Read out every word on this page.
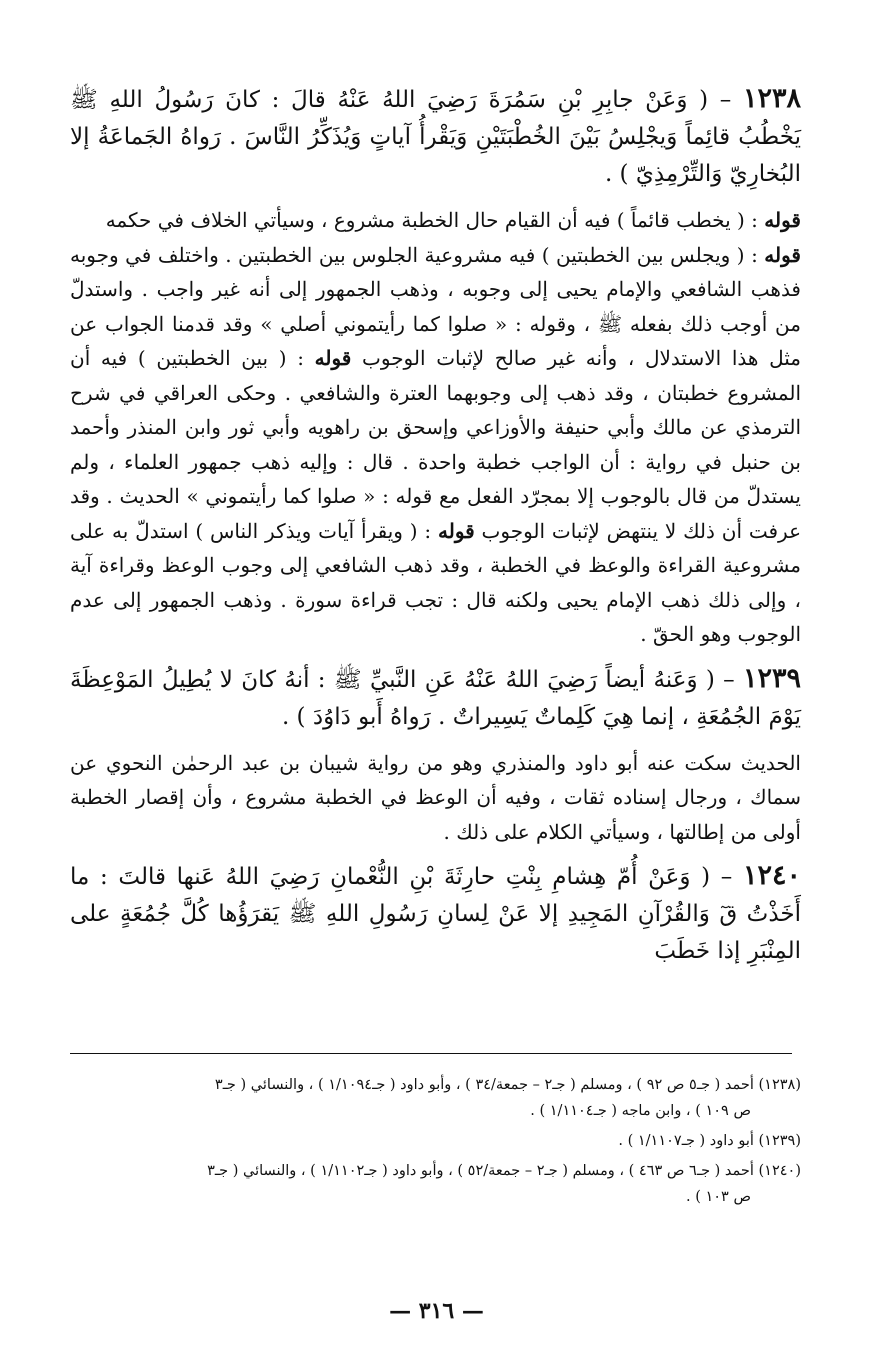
١٢٣٨ – ( وَعَنْ جابِرِ بْنِ سَمُرَةَ رَضِيَ اللهُ عَنْهُ قالَ : كانَ رَسُولُ اللهِ ﷺ يَخْطُبُ قائِماً وَيجْلِسُ بَيْنَ الخُطْبَتَيْنِ وَيَقْرأُ آياتٍ وَيُذَكِّرُ النَّاسَ . رَواهُ الجَماعَةُ إلا البُخارِيّ وَالتِّرْمِذِيّ ) .

قوله : ( يخطب قائماً ) فيه أن القيام حال الخطبة مشروع ، وسيأتي الخلاف في حكمه
قوله : ( ويجلس بين الخطبتين ) فيه مشروعية الجلوس بين الخطبتين . واختلف في وجوبه فذهب الشافعي والإمام يحيى إلى وجوبه ، وذهب الجمهور إلى أنه غير واجب . واستدلّ من أوجب ذلك بفعله ﷺ ، وقوله : « صلوا كما رأيتموني أصلي » وقد قدمنا الجواب عن مثل هذا الاستدلال ، وأنه غير صالح لإثبات الوجوب قوله : ( بين الخطبتين ) فيه أن المشروع خطبتان ، وقد ذهب إلى وجوبهما العترة والشافعي . وحكى العراقي في شرح الترمذي عن مالك وأبي حنيفة والأوزاعي وإسحق بن راهويه وأبي ثور وابن المنذر وأحمد بن حنبل في رواية : أن الواجب خطبة واحدة . قال : وإليه ذهب جمهور العلماء ، ولم يستدلّ من قال بالوجوب إلا بمجرّد الفعل مع قوله : « صلوا كما رأيتموني » الحديث . وقد عرفت أن ذلك لا ينتهض لإثبات الوجوب قوله : ( ويقرأ آيات ويذكر الناس ) استدلّ به على مشروعية القراءة والوعظ في الخطبة ، وقد ذهب الشافعي إلى وجوب الوعظ وقراءة آية ، وإلى ذلك ذهب الإمام يحيى ولكنه قال : تجب قراءة سورة . وذهب الجمهور إلى عدم الوجوب وهو الحقّ .

١٢٣٩ – ( وَعَنهُ أيضاً رَضِيَ اللهُ عَنْهُ عَنِ النَّبيِّ ﷺ : أنهُ كانَ لا يُطِيلُ المَوْعِظَةَ يَوْمَ الجُمُعَةِ ، إنما هِيَ كَلِماتٌ يَسِيراتٌ . رَواهُ أَبو دَاوُدَ ) .

الحديث سكت عنه أبو داود والمنذري وهو من رواية شيبان بن عبد الرحمٰن النحوي عن سماك ، ورجال إسناده ثقات ، وفيه أن الوعظ في الخطبة مشروع ، وأن إقصار الخطبة أولى من إطالتها ، وسيأتي الكلام على ذلك .

١٢٤٠ – ( وَعَنْ أُمّ هِشامِ بِنْتِ حارِثَةَ بْنِ النُّعْمانِ رَضِيَ اللهُ عَنها قالتَ : ما أَخَذْتُ قٓ وَالقُرْآنِ المَجِيدِ إلا عَنْ لِسانِ رَسُولِ اللهِ ﷺ يَقرَؤُها كُلَّ جُمُعَةٍ على المِنْبَرِ إذا خَطَبَ

(١٢٣٨) أحمد ( جـ٥ ص ٩٢ ) ، ومسلم ( جـ٢ – جمعة/٣٤ ) ، وأبو داود ( جـ١/١٠٩٤ ) ، والنسائي ( جـ٣
ص ١٠٩ ) ، وابن ماجه ( جـ١/١١٠٤ ) .

(١٢٣٩) أبو داود ( جـ١/١١٠٧ ) .

(١٢٤٠) أحمد ( جـ٦ ص ٤٦٣ ) ، ومسلم ( جـ٢ – جمعة/٥٢ ) ، وأبو داود ( جـ١/١١٠٢ ) ، والنسائي ( جـ٣
ص ١٠٣ ) .

— ٣١٦ —
